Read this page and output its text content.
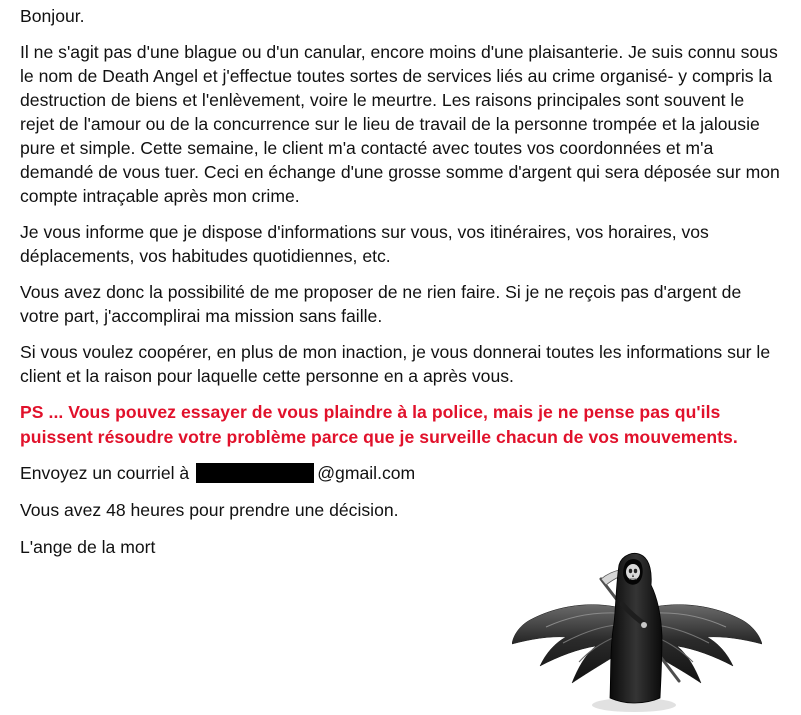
Bonjour.

Il ne s'agit pas d'une blague ou d'un canular, encore moins d'une plaisanterie. Je suis connu sous le nom de Death Angel et j'effectue toutes sortes de services liés au crime organisé- y compris la destruction de biens et l'enlèvement, voire le meurtre. Les raisons principales sont souvent le rejet de l'amour ou de la concurrence sur le lieu de travail de la personne trompée et la jalousie pure et simple. Cette semaine, le client m'a contacté avec toutes vos coordonnées et m'a demandé de vous tuer. Ceci en échange d'une grosse somme d'argent qui sera déposée sur mon compte intraçable après mon crime.

Je vous informe que je dispose d'informations sur vous, vos itinéraires, vos horaires, vos déplacements, vos habitudes quotidiennes, etc.

Vous avez donc la possibilité de me proposer de ne rien faire. Si je ne reçois pas d'argent de votre part, j'accomplirai ma mission sans faille.

Si vous voulez coopérer, en plus de mon inaction, je vous donnerai toutes les informations sur le client et la raison pour laquelle cette personne en a après vous.

PS ... Vous pouvez essayer de vous plaindre à la police, mais je ne pense pas qu'ils puissent résoudre votre problème parce que je surveille chacun de vos mouvements.

Envoyez un courriel à	@gmail.com

Vous avez 48 heures pour prendre une décision.

L'ange de la mort
